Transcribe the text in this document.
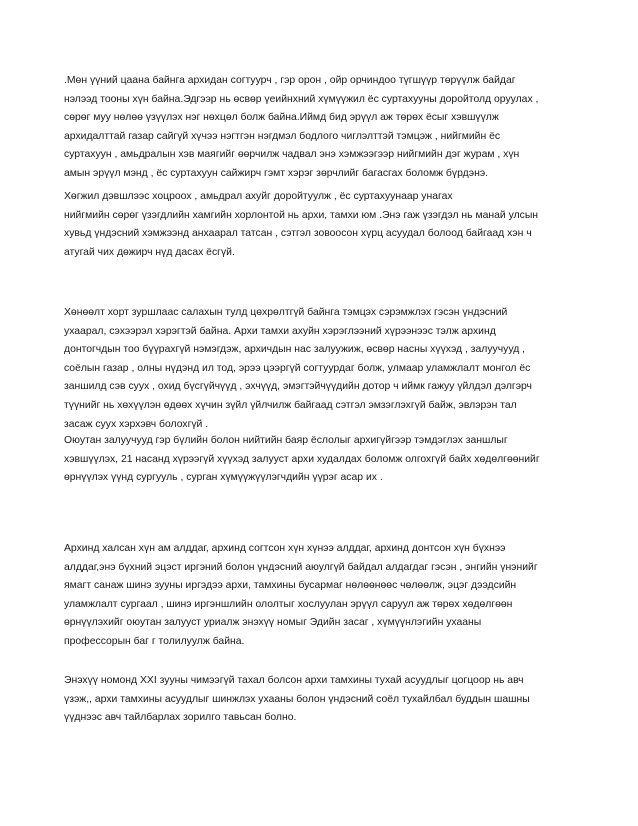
.Мөн үүний цаана байнга архидан согтуурч , гэр орон , ойр орчиндоо түгшүүр төрүүлж байдаг
нэлээд тооны хүн байна.Эдгээр нь өсвөр үеийнхний хүмүүжил ёс суртахууны доройтолд оруулах ,
сөрөг муу нөлөө үзүүлэх нэг нөхцөл болж байна.Иймд бид эрүүл аж төрөх ёсыг хэвшүүлж
архидалттай газар сайгүй хүчээ нэгтгэн нэгдмэл бодлого чиглэлттэй тэмцэж , нийгмийн ёс
суртахуун , амьдралын хэв маягийг өөрчилж чадвал энэ хэмжээгээр нийгмийн дэг журам , хүн
амын эрүүл мэнд , ёс суртахуун сайжирч гэмт хэрэг зөрчлийг багасгах боломж бүрдэнэ.

Хөгжил дэвшлээс хоцроох , амьдрал ахуйг доройтуулж , ёс суртахуунаар унагах
нийгмийн сөрөг үзэгдлийн хамгийн хорлонтой нь архи, тамхи юм .Энэ гаж үзэгдэл нь манай улсын
хувьд үндэсний хэмжээнд анхаарал татсан , сэтгэл зовоосон хүрц асуудал болоод байгаад хэн ч
атугай чих дөжирч нүд дасах ёсгүй.

Хөнөөлт хорт зуршлаас салахын тулд цөхрөлтгүй байнга тэмцэх сэрэмжлэх гэсэн үндэсний
ухаарал, сэхээрэл хэрэгтэй байна. Архи тамхи ахуйн хэрэглээний хүрээнээс тэлж архинд
донтогчдын тоо бүүрахгүй нэмэгдэж, архичдын нас залуужиж, өсвөр насны хүүхэд , залуучууд ,
соёлын газар , олны нүдэнд ил тод, эрээ цээргүй согтуурдаг болж, улмаар уламжлалт монгол ёс
заншилд сэв суух , охид бүсгүйчүүд , эхчүүд, эмэгтэйчүүдийн дотор ч иймк гажуу үйлдэл дэлгэрч
түүнийг нь хөхүүлэн өдөөх хүчин зүйл үйлчилж байгаад сэтгэл эмзэглэхгүй байж, эвлэрэн тал
засаж суух хэрхэвч болохгүй .

Оюутан залуучууд гэр бүлийн болон нийтийн баяр ёслолыг архигүйгээр тэмдэглэх заншлыг
хэвшүүлэх, 21 насанд хүрээгүй хүүхэд залууст архи худалдах боломж олгохгүй байх хөдөлгөөнийг
өрнүүлэх үүнд сургууль , сурган хүмүүжүүлэгчдийн үүрэг асар их .

Архинд халсан хүн ам алддаг, архинд согтсон хүн хүнээ алддаг, архинд донтсон хүн бүхнээ
алддаг,энэ бүхний эцэст иргэний болон үндэсний аюулгүй байдал алдагдаг гэсэн , энгийн үнэнийг
ямагт санаж шинэ зууны иргэдээ архи, тамхины бусармаг нөлөөнөөс чөлөөлж, эцэг дээдсийн
уламжлалт сургаал , шинэ иргэншлийн ололтыг хослуулан эрүүл саруул аж төрөх хөдөлгөөн
өрнүүлэхийг оюутан залууст уриалж энэхүү номыг Эдийн засаг , хүмүүнлэгийн ухааны
профессорын баг г толилуулж байна.

Энэхүү номонд XXI зууны чимээгүй тахал болсон архи тамхины тухай асуудлыг цогцоор нь авч
үзэж,, архи тамхины асуудлыг шинжлэх ухааны болон үндэсний соёл тухайлбал буддын шашны
үүднээс авч тайлбарлах зорилго тавьсан болно.
